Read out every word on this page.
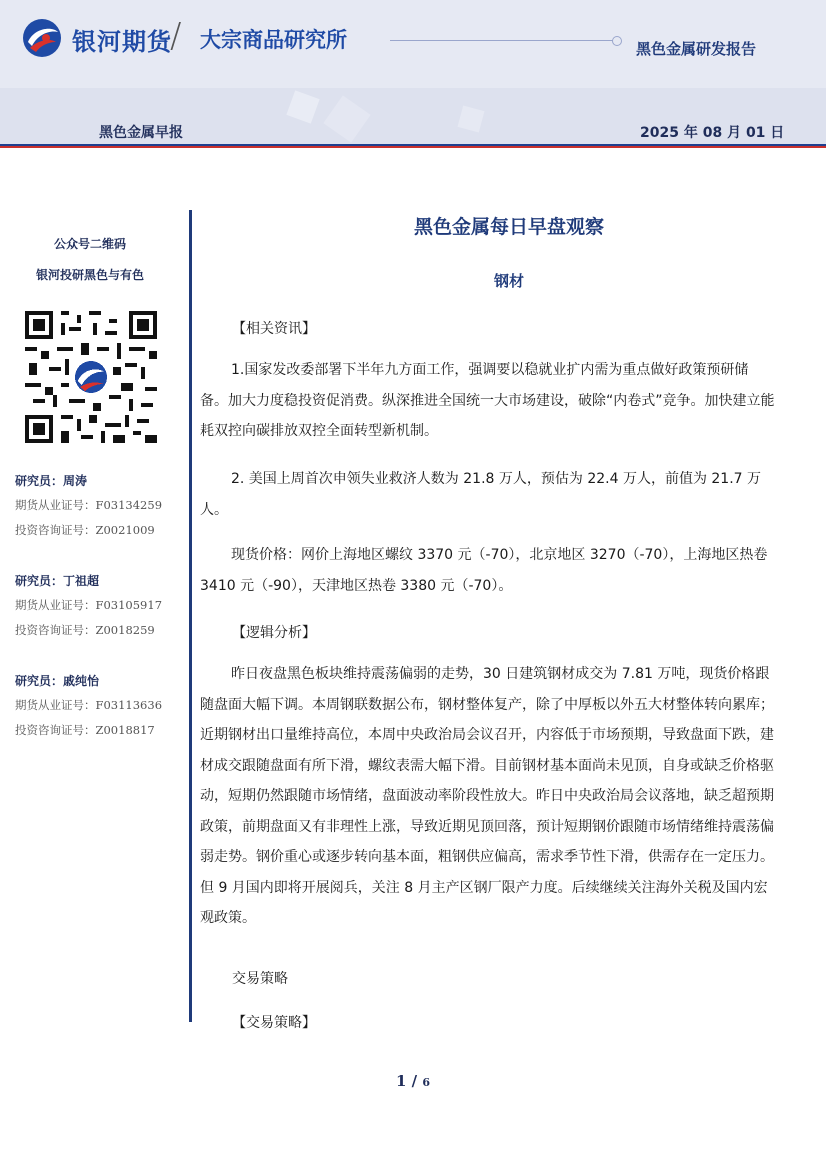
银河期货
/ 大宗商品研究所	黑色金属研发报告
黑色金属早报	2025 年 08 月 01 日
公众号二维码
银河投研黑色与有色
研究员：周涛
期货从业证号：F03134259
投资咨询证号：Z0021009
研究员：丁祖超
期货从业证号：F03105917
投资咨询证号：Z0018259
研究员：戚纯怡
期货从业证号：F03113636
投资咨询证号：Z0018817
黑色金属每日早盘观察
钢材
【相关资讯】
1.国家发改委部署下半年九方面工作，强调要以稳就业扩内需为重点做好政策预研储备。加大力度稳投资促消费。纵深推进全国统一大市场建设，破除“内卷式”竞争。加快建立能耗双控向碳排放双控全面转型新机制。
2. 美国上周首次申领失业救济人数为 21.8 万人，预估为 22.4 万人，前值为 21.7 万人。
现货价格：网价上海地区螺纹 3370 元（-70），北京地区 3270（-70），上海地区热卷 3410 元（-90），天津地区热卷 3380 元（-70）。
【逻辑分析】
昨日夜盘黑色板块维持震荡偏弱的走势，30 日建筑钢材成交为 7.81 万吨，现货价格跟随盘面大幅下调。本周钢联数据公布，钢材整体复产，除了中厚板以外五大材整体转向累库；近期钢材出口量维持高位，本周中央政治局会议召开，内容低于市场预期，导致盘面下跌，建材成交跟随盘面有所下滑，螺纹表需大幅下滑。目前钢材基本面尚未见顶，自身或缺乏价格驱动，短期仍然跟随市场情绪，盘面波动率阶段性放大。昨日中央政治局会议落地，缺乏超预期政策，前期盘面又有非理性上涨，导致近期见顶回落，预计短期钢价跟随市场情绪维持震荡偏弱走势。钢价重心或逐步转向基本面，粗钢供应偏高，需求季节性下滑，供需存在一定压力。但 9 月国内即将开展阅兵，关注 8 月主产区钢厂限产力度。后续继续关注海外关税及国内宏观政策。
交易策略
【交易策略】
1 / 6
